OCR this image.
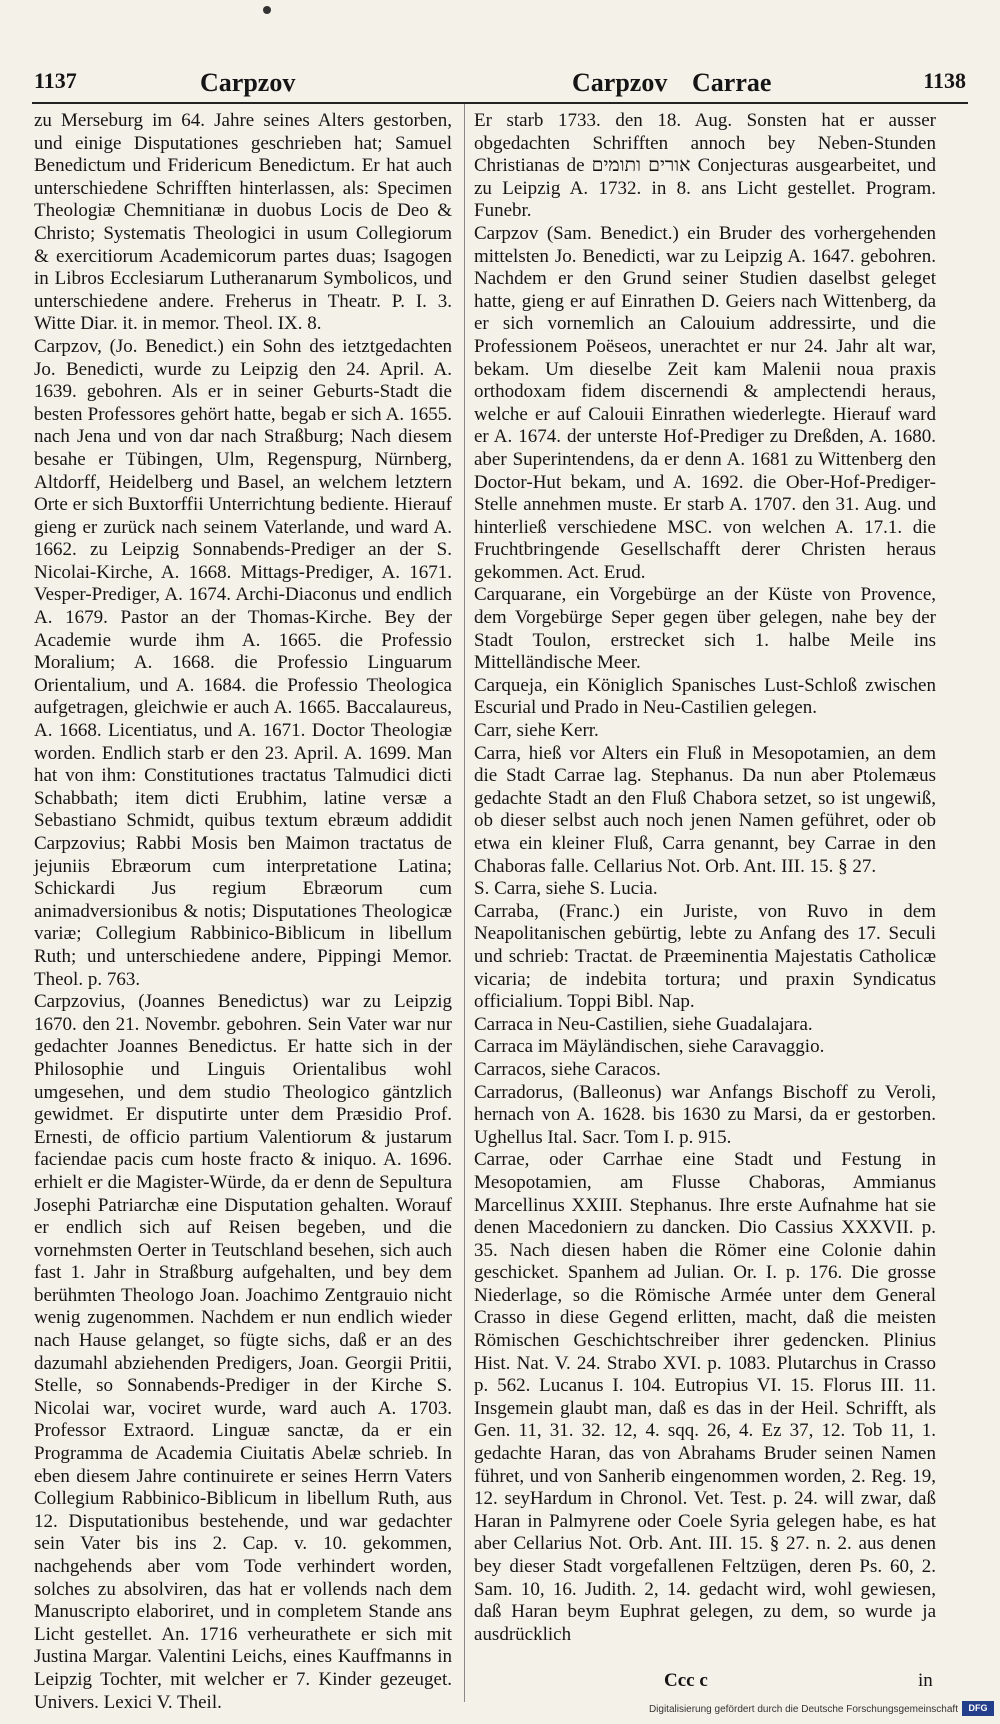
1137	Carpzov	Carpzov Carrae	1138

zu Merseburg im 64. Jahre seines Alters gestorben, und einige Disputationes geschrieben hat; Samuel Benedictum und Fridericum Benedictum. Er hat auch unterschiedene Schrifften hinterlassen, als: Specimen Theologiæ Chemnitianæ in duobus Locis de Deo & Christo; Systematis Theologici in usum Collegiorum & exercitiorum Academicorum partes duas; Isagogen in Libros Ecclesiarum Lutheranarum Symbolicos, und unterschiedene andere. Freherus in Theatr. P. I. 3. Witte Diar. it. in memor. Theol. IX. 8.

Carpzov, (Jo. Benedict.) ein Sohn des ietztgedachten Jo. Benedicti, wurde zu Leipzig den 24. April. A. 1639. gebohren. Als er in seiner Geburts-Stadt die besten Professores gehört hatte, begab er sich A. 1655. nach Jena und von dar nach Straßburg; Nach diesem besahe er Tübingen, Ulm, Regenspurg, Nürnberg, Altdorff, Heidelberg und Basel, an welchem letztern Orte er sich Buxtorffii Unterrichtung bediente. Hierauf gieng er zurück nach seinem Vaterlande, und ward A. 1662. zu Leipzig Sonnabends-Prediger an der S. Nicolai-Kirche, A. 1668. Mittags-Prediger, A. 1671. Vesper-Prediger, A. 1674. Archi-Diaconus und endlich A. 1679. Pastor an der Thomas-Kirche. Bey der Academie wurde ihm A. 1665. die Professio Moralium; A. 1668. die Professio Linguarum Orientalium, und A. 1684. die Professio Theologica aufgetragen, gleichwie er auch A. 1665. Baccalaureus, A. 1668. Licentiatus, und A. 1671. Doctor Theologiæ worden. Endlich starb er den 23. April. A. 1699. Man hat von ihm: Constitutiones tractatus Talmudici dicti Schabbath; item dicti Erubhim, latine versæ a Sebastiano Schmidt, quibus textum ebræum addidit Carpzovius; Rabbi Mosis ben Maimon tractatus de jejuniis Ebræorum cum interpretatione Latina; Schickardi Jus regium Ebræorum cum animadversionibus & notis; Disputationes Theologicæ variæ; Collegium Rabbinico-Biblicum in libellum Ruth; und unterschiedene andere, Pippingi Memor. Theol. p. 763.

Carpzovius, (Joannes Benedictus) war zu Leipzig 1670. den 21. Novembr. gebohren. Sein Vater war nur gedachter Joannes Benedictus. Er hatte sich in der Philosophie und Linguis Orientalibus wohl umgesehen, und dem studio Theologico gäntzlich gewidmet. Er disputirte unter dem Præsidio Prof. Ernesti, de officio partium Valentiorum & justarum faciendae pacis cum hoste fracto & iniquo. A. 1696. erhielt er die Magister-Würde, da er denn de Sepultura Josephi Patriarchæ eine Disputation gehalten. Worauf er endlich sich auf Reisen begeben, und die vornehmsten Oerter in Teutschland besehen, sich auch fast 1. Jahr in Straßburg aufgehalten, und bey dem berühmten Theologo Joan. Joachimo Zentgrauio nicht wenig zugenommen. Nachdem er nun endlich wieder nach Hause gelanget, so fügte sichs, daß er an des dazumahl abziehenden Predigers, Joan. Georgii Pritii, Stelle, so Sonnabends-Prediger in der Kirche S. Nicolai war, vociret wurde, ward auch A. 1703. Professor Extraord. Linguæ sanctæ, da er ein Programma de Academia Ciuitatis Abelæ schrieb. In eben diesem Jahre continuirete er seines Herrn Vaters Collegium Rabbinico-Biblicum in libellum Ruth, aus 12. Disputationibus bestehende, und war gedachter sein Vater bis ins 2. Cap. v. 10. gekommen, nachgehends aber vom Tode verhindert worden, solches zu absolviren, das hat er vollends nach dem Manuscripto elaboriret, und in completem Stande ans Licht gestellet. An. 1716 verheurathete er sich mit Justina Margar. Valentini Leichs, eines Kauffmanns in Leipzig Tochter, mit welcher er 7. Kinder gezeuget. Univers. Lexici V. Theil.

Er starb 1733. den 18. Aug. Sonsten hat er ausser obgedachten Schrifften annoch bey Neben-Stunden Christianas de אורים ותומים Conjecturas ausgearbeitet, und zu Leipzig A. 1732. in 8. ans Licht gestellet. Program. Funebr.

Carpzov (Sam. Benedict.) ein Bruder des vorhergehenden mittelsten Jo. Benedicti, war zu Leipzig A. 1647. gebohren. Nachdem er den Grund seiner Studien daselbst geleget hatte, gieng er auf Einrathen D. Geiers nach Wittenberg, da er sich vornemlich an Calouium addressirte, und die Professionem Poëseos, unerachtet er nur 24. Jahr alt war, bekam. Um dieselbe Zeit kam Malenii noua praxis orthodoxam fidem discernendi & amplectendi heraus, welche er auf Calouii Einrathen wiederlegte. Hierauf ward er A. 1674. der unterste Hof-Prediger zu Dreßden, A. 1680. aber Superintendens, da er denn A. 1681 zu Wittenberg den Doctor-Hut bekam, und A. 1692. die Ober-Hof-Prediger-Stelle annehmen muste. Er starb A. 1707. den 31. Aug. und hinterließ verschiedene MSC. von welchen A. 17.1. die Fruchtbringende Gesellschafft derer Christen heraus gekommen. Act. Erud.

Carquarane, ein Vorgebürge an der Küste von Provence, dem Vorgebürge Seper gegen über gelegen, nahe bey der Stadt Toulon, erstrecket sich 1. halbe Meile ins Mittelländische Meer.

Carqueja, ein Königlich Spanisches Lust-Schloß zwischen Escurial und Prado in Neu-Castilien gelegen.

Carr, siehe Kerr.

Carra, hieß vor Alters ein Fluß in Mesopotamien, an dem die Stadt Carrae lag. Stephanus. Da nun aber Ptolemæus gedachte Stadt an den Fluß Chabora setzet, so ist ungewiß, ob dieser selbst auch noch jenen Namen geführet, oder ob etwa ein kleiner Fluß, Carra genannt, bey Carrae in den Chaboras falle. Cellarius Not. Orb. Ant. III. 15. § 27.

S. Carra, siehe S. Lucia.

Carraba, (Franc.) ein Juriste, von Ruvo in dem Neapolitanischen gebürtig, lebte zu Anfang des 17. Seculi und schrieb: Tractat. de Præeminentia Majestatis Catholicæ vicaria; de indebita tortura; und praxin Syndicatus officialium. Toppi Bibl. Nap.

Carraca in Neu-Castilien, siehe Guadalajara.

Carraca im Mäyländischen, siehe Caravaggio.

Carracos, siehe Caracos.

Carradorus, (Balleonus) war Anfangs Bischoff zu Veroli, hernach von A. 1628. bis 1630 zu Marsi, da er gestorben. Ughellus Ital. Sacr. Tom I. p. 915.

Carrae, oder Carrhae eine Stadt und Festung in Mesopotamien, am Flusse Chaboras, Ammianus Marcellinus XXIII. Stephanus. Ihre erste Aufnahme hat sie denen Macedoniern zu dancken. Dio Cassius XXXVII. p. 35. Nach diesen haben die Römer eine Colonie dahin geschicket. Spanhem ad Julian. Or. I. p. 176. Die grosse Niederlage, so die Römische Armée unter dem General Crasso in diese Gegend erlitten, macht, daß die meisten Römischen Geschichtschreiber ihrer gedencken. Plinius Hist. Nat. V. 24. Strabo XVI. p. 1083. Plutarchus in Crasso p. 562. Lucanus I. 104. Eutropius VI. 15. Florus III. 11. Insgemein glaubt man, daß es das in der Heil. Schrifft, als Gen. 11, 31. 32. 12, 4. sqq. 26, 4. Ez 37, 12. Tob 11, 1. gedachte Haran, das von Abrahams Bruder seinen Namen führet, und von Sanherib eingenommen worden, 2. Reg. 19, 12. seyHardum in Chronol. Vet. Test. p. 24. will zwar, daß Haran in Palmyrene oder Coele Syria gelegen habe, es hat aber Cellarius Not. Orb. Ant. III. 15. § 27. n. 2. aus denen bey dieser Stadt vorgefallenen Feltzügen, deren Ps. 60, 2. Sam. 10, 16. Judith. 2, 14. gedacht wird, wohl gewiesen, daß Haran beym Euphrat gelegen, zu dem, so wurde ja ausdrücklich

Ccc c	in
Digitalisierung gefördert durch die Deutsche Forschungsgemeinschaft	DFG
